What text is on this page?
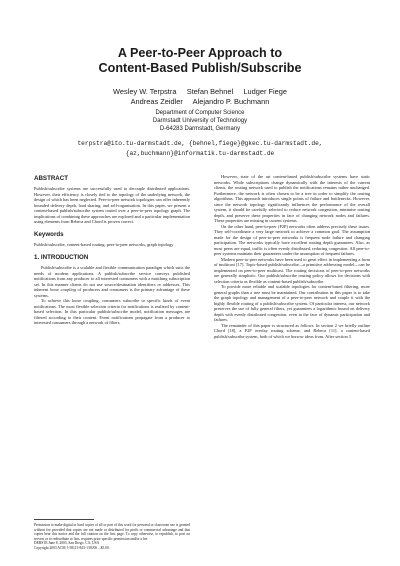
A Peer-to-Peer Approach to
Content-Based Publish/Subscribe
Wesley W. Terpstra     Stefan Behnel     Ludger Fiege
Andreas Zeidler     Alejandro P. Buchmann
Department of Computer Science
Darmstadt University of Technology
D-64283 Darmstadt, Germany
terpstra@ito.tu-darmstadt.de, {behnel,fiege}@gkec.tu-darmstadt.de,
{az,buchmann}@informatik.tu-darmstadt.de
ABSTRACT

Publish/subscribe systems are successfully used to decouple distributed applications. However, their efficiency is closely tied to the topology of the underlying network, the design of which has been neglected. Peer-to-peer network topologies can offer inherently bounded delivery depth, load sharing, and self-organisation. In this paper, we present a content-based publish/subscribe system routed over a peer-to-peer topology graph. The implications of combining these approaches are explored and a particular implementation using elements from Rebeca and Chord is proven correct.

Keywords

Publish/subscribe, content-based routing, peer-to-peer networks, graph topology

1. INTRODUCTION

Publish/subscribe is a scalable and flexible communication paradigm which suits the needs of modern applications. A publish/subscribe service conveys published notifications from any producer to all interested consumers with a matching subscription set. In this manner clients do not use source/destination identifiers or addresses. This inherent loose coupling of producers and consumers is the primary advantage of these systems.

To achieve this loose coupling, consumers subscribe to specific kinds of event notifications. The most flexible selection criteria for notifications is realized by content-based selection. In this particular publish/subscribe model, notification messages are filtered according to their content. Event notifications propagate from a producer to interested consumers through a network of filters.

Permission to make digital or hard copies of all or part of this work for personal or classroom use is granted without fee provided that copies are not made or distributed for profit or commercial advantage and that copies bear this notice and the full citation on the first page. To copy otherwise, to republish, to post on servers or to redistribute to lists, requires prior specific permission and/or a fee.

DEBS'03 June 8, 2003, San Diego, CA, USA

Copyright 2003 ACM 1-58113-843-1/03/06 ...$5.00.

However, state of the art content-based publish/subscribe systems have static networks. While subscriptions change dynamically with the interests of the current clients, the routing network used to publish the notifications remains rather unchanged. Furthermore, the network is often chosen to be a tree in order to simplify the routing algorithms. This approach introduces single points of failure and bottlenecks. However, since the network topology significantly influences the performance of the overall system, it should be carefully selected to reduce network congestion, minimise routing depth, and preserve these properties in face of changing network nodes and failures. These properties are missing in current systems.

On the other hand, peer-to-peer (P2P) networks often address precisely these issues. They self-coordinate a very large network to achieve a common goal. The assumption made for the design of peer-to-peer networks is frequent node failure and changing participation. The networks typically have excellent routing depth guarantees. Also, as most peers are equal, traffic is often evenly distributed, reducing congestion. All peer-to-peer systems maintain their guarantees under the assumption of frequent failures.

Modern peer-to-peer networks have been used to great effect in implementing a form of multicast [17]. Topic-based publish/subscribe—a primitive addressing model—can be implemented on peer-to-peer multicast. The routing decisions of peer-to-peer networks are generally simplistic. Our publish/subscribe routing policy allows for decisions with selection criteria as flexible as content-based publish/subscribe.

To provide more reliable and scalable topologies for content-based filtering, more general graphs than a tree must be maintained. Our contribution in this paper is to take the graph topology and management of a peer-to-peer network and couple it with the highly flexible routing of a publish/subscribe system. Of particular interest, our network preserves the use of fully general filters, yet guarantees a logarithmic bound on delivery depth with evenly distributed congestion, even in the face of dynamic participation and failures.

The remainder of this paper is structured as follows. In section 2 we briefly outline Chord [18], a P2P overlay routing scheme, and Rebeca [11], a content-based publish/subscribe system, both of which we borrow ideas from. After section 3
